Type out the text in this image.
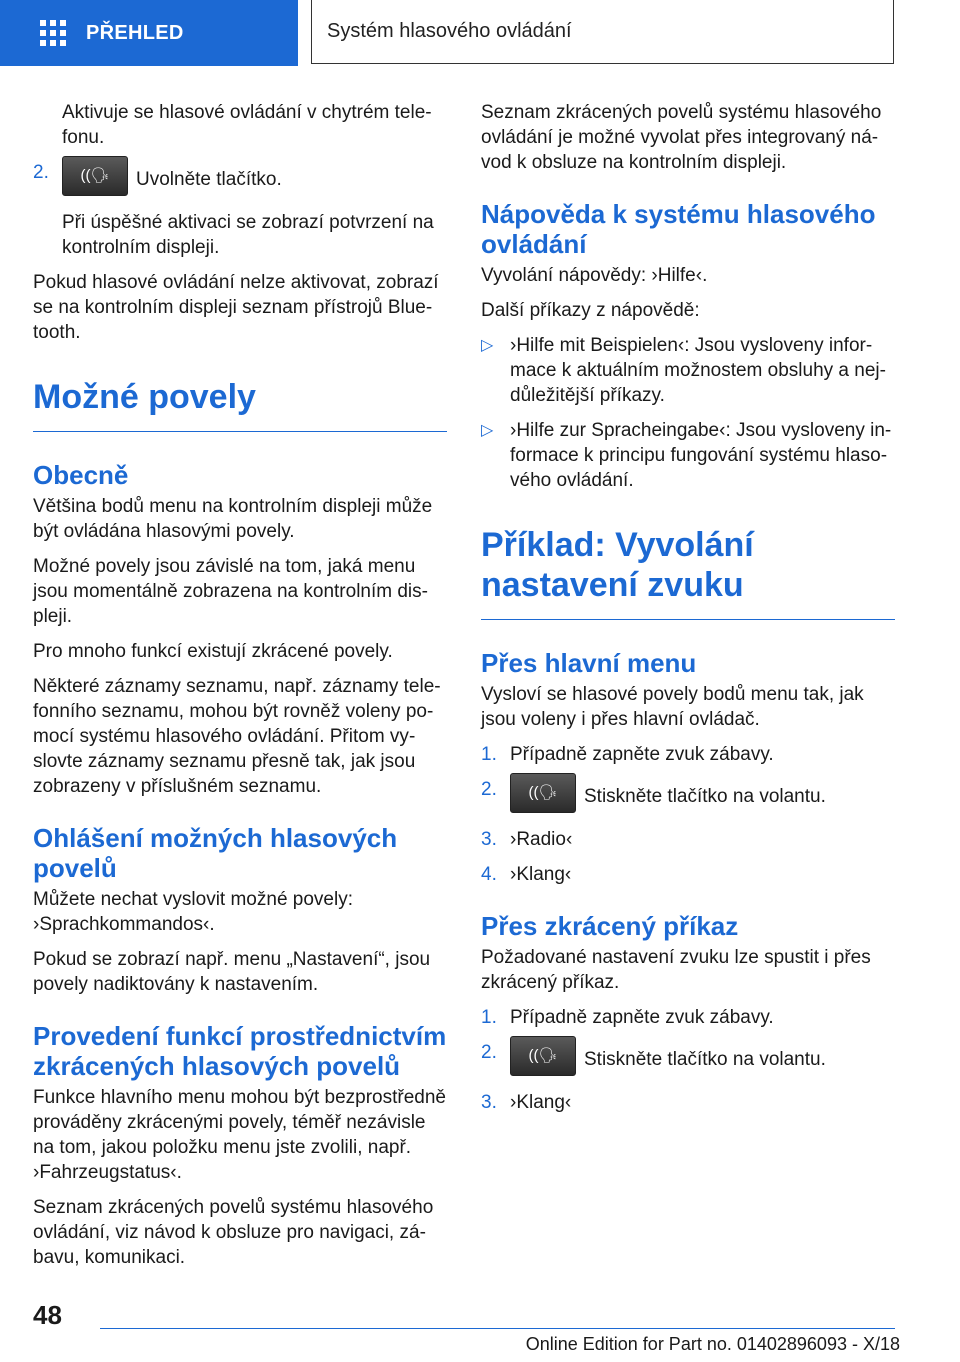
PŘEHLED	Systém hlasového ovládání

Aktivuje se hlasové ovládání v chytrém telefonu.

2. ((🗣 Uvolněte tlačítko.

Při úspěšné aktivaci se zobrazí potvrzení na kontrolním displeji.

Pokud hlasové ovládání nelze aktivovat, zobrazí se na kontrolním displeji seznam přístrojů Bluetooth.

Možné povely
Obecně

Většina bodů menu na kontrolním displeji může být ovládána hlasovými povely.

Možné povely jsou závislé na tom, jaká menu jsou momentálně zobrazena na kontrolním displeji.

Pro mnoho funkcí existují zkrácené povely.

Některé záznamy seznamu, např. záznamy telefonního seznamu, mohou být rovněž voleny pomocí systému hlasového ovládání. Přitom vyslovte záznamy seznamu přesně tak, jak jsou zobrazeny v příslušném seznamu.

Ohlášení možných hlasových povelů

Můžete nechat vyslovit možné povely: ›Sprachkommandos‹.

Pokud se zobrazí např. menu „Nastavení“, jsou povely nadiktovány k nastavením.

Provedení funkcí prostřednictvím zkrácených hlasových povelů

Funkce hlavního menu mohou být bezprostředně prováděny zkrácenými povely, téměř nezávisle na tom, jakou položku menu jste zvolili, např. ›Fahrzeugstatus‹.

Seznam zkrácených povelů systému hlasového ovládání, viz návod k obsluze pro navigaci, zábavu, komunikaci.

Seznam zkrácených povelů systému hlasového ovládání je možné vyvolat přes integrovaný návod k obsluze na kontrolním displeji.

Nápověda k systému hlasového ovládání

Vyvolání nápovědy: ›Hilfe‹.

Další příkazy z nápovědě:

▷ ›Hilfe mit Beispielen‹: Jsou vysloveny informace k aktuálním možnostem obsluhy a nejdůležitější příkazy.
▷ ›Hilfe zur Spracheingabe‹: Jsou vysloveny informace k principu fungování systému hlasového ovládání.
Příklad: Vyvolání nastavení zvuku
Přes hlavní menu

Vysloví se hlasové povely bodů menu tak, jak jsou voleny i přes hlavní ovládač.

1. Případně zapněte zvuk zábavy.
2. ((🗣 Stiskněte tlačítko na volantu.
3. ›Radio‹
4. ›Klang‹
Přes zkrácený příkaz

Požadované nastavení zvuku lze spustit i přes zkrácený příkaz.

1. Případně zapněte zvuk zábavy.
2. ((🗣 Stiskněte tlačítko na volantu.
3. ›Klang‹
48
Online Edition for Part no. 01402896093 - X/18
